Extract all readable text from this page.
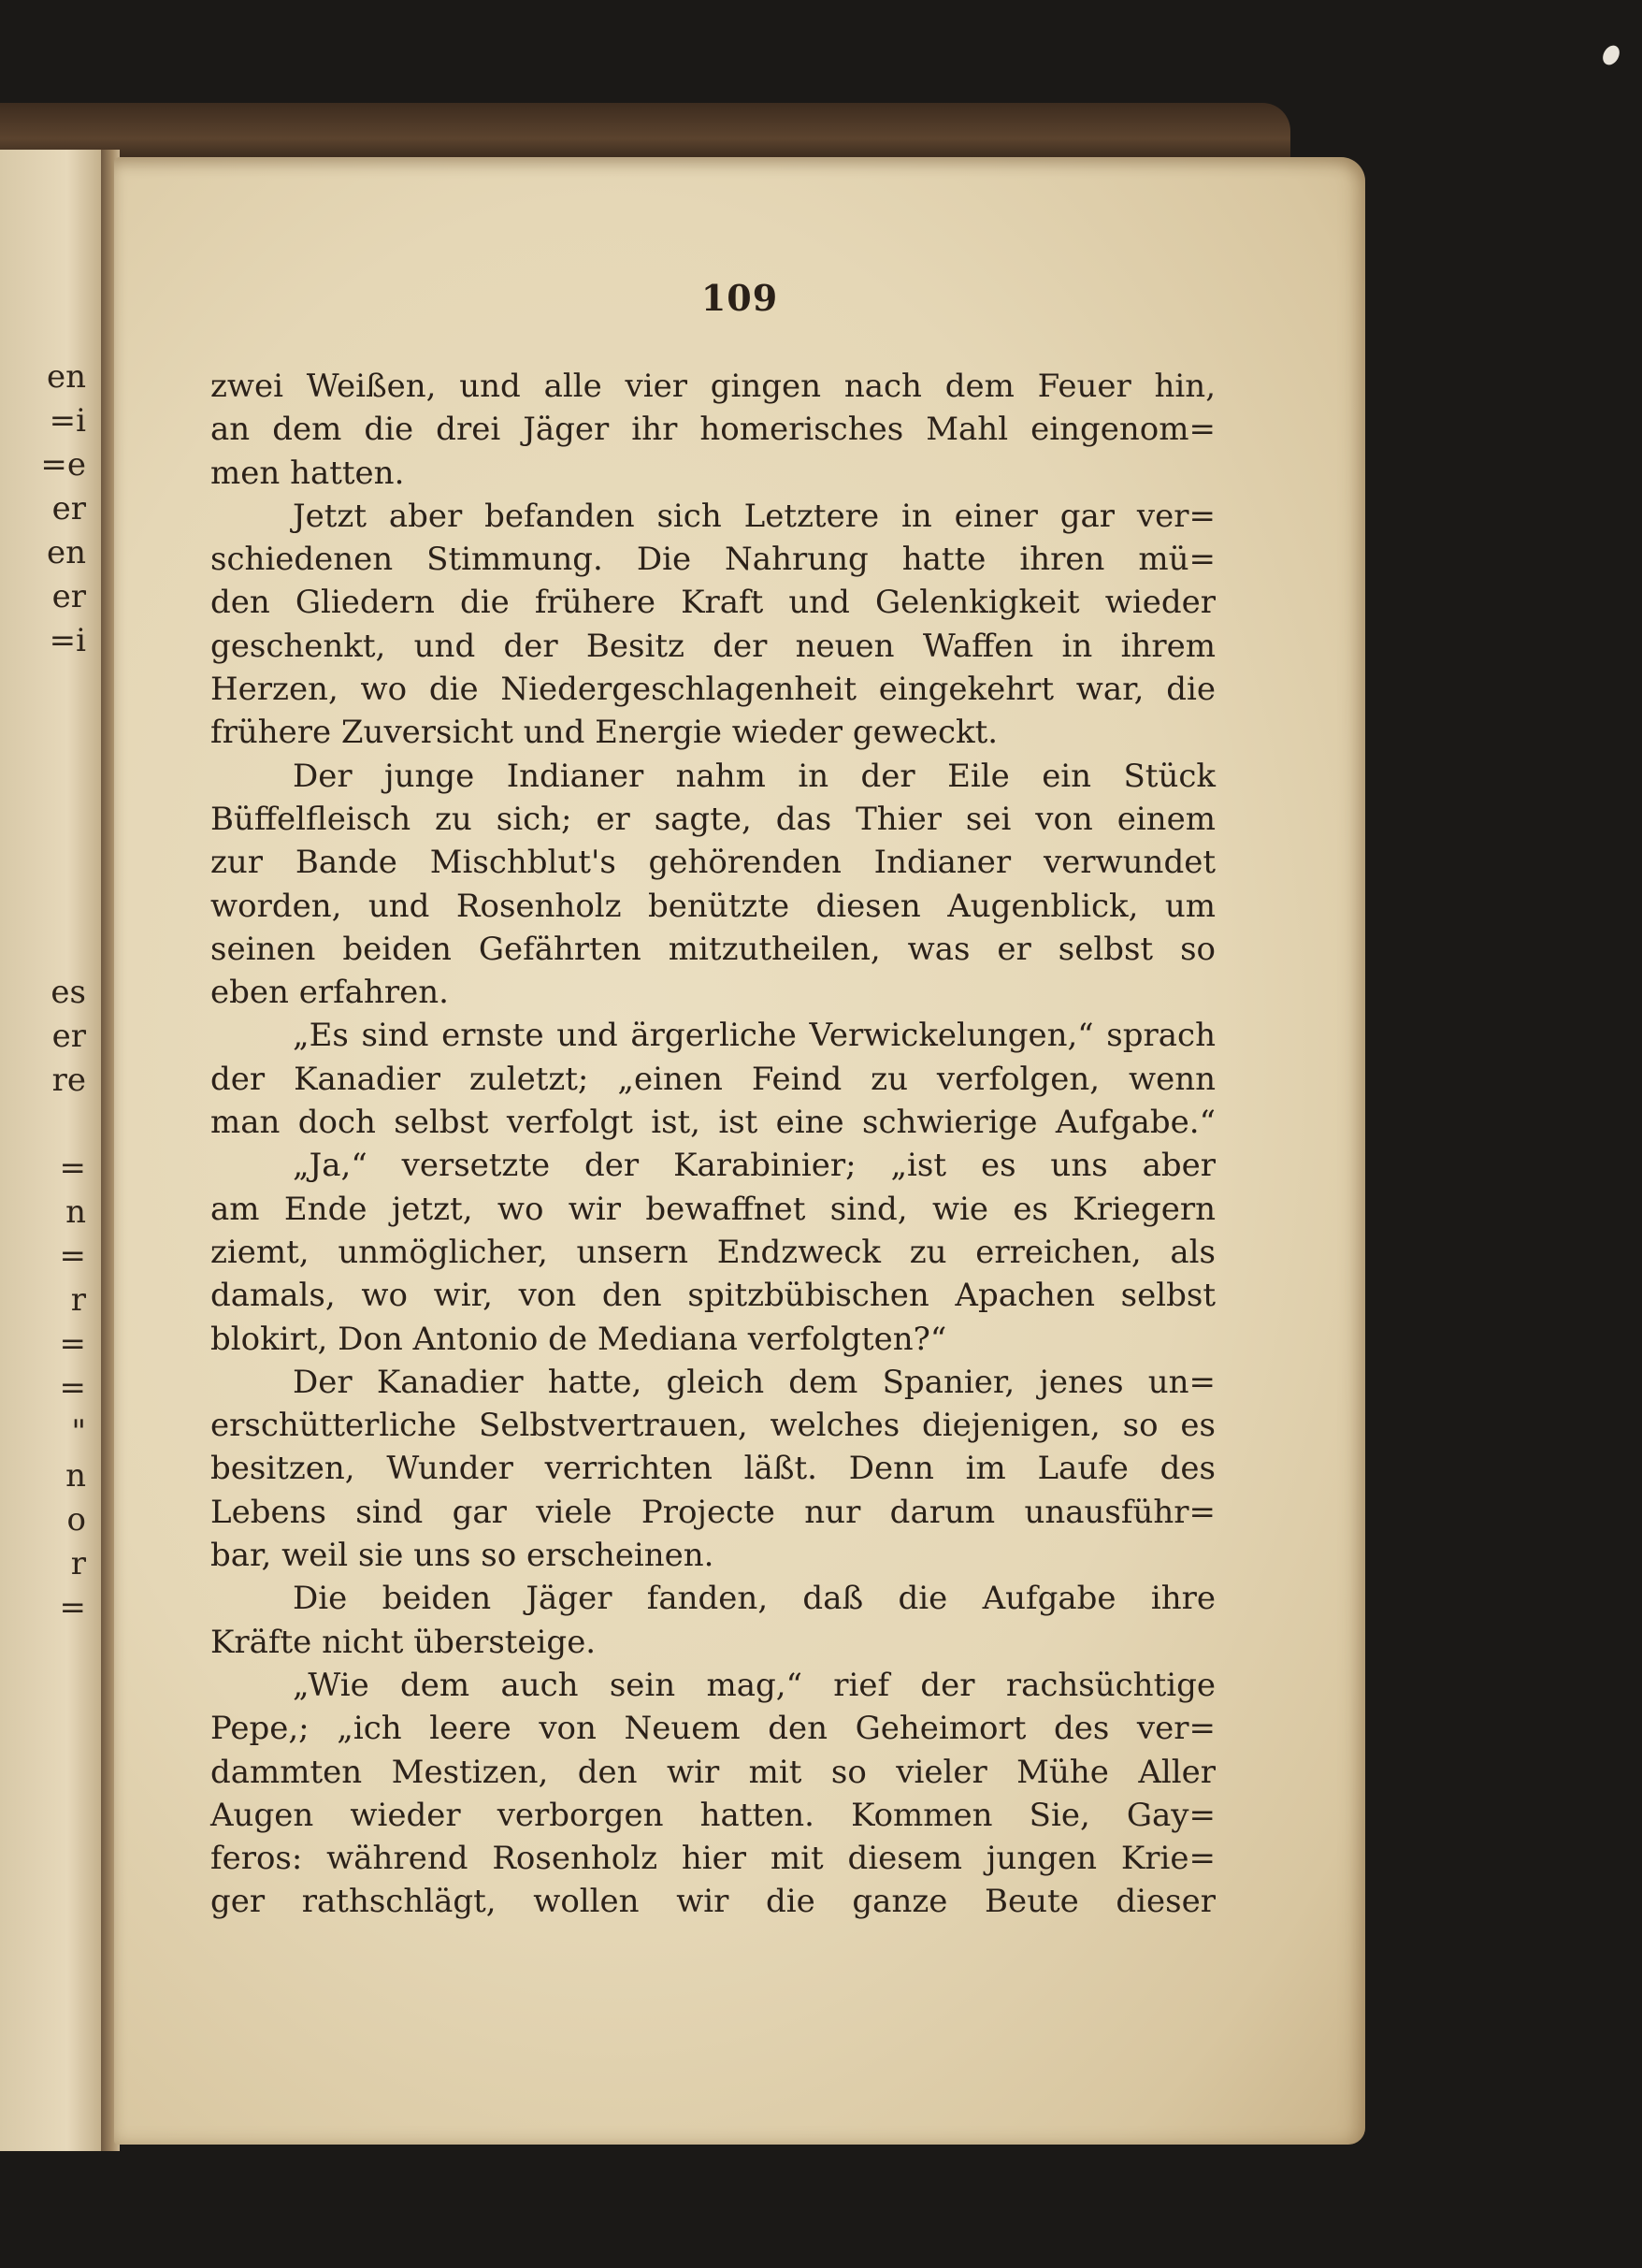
109
zwei Weißen, und alle vier gingen nach dem Feuer hin,
an dem die drei Jäger ihr homerisches Mahl eingenom=
men hatten.
Jetzt aber befanden sich Letztere in einer gar ver=
schiedenen Stimmung. Die Nahrung hatte ihren mü=
den Gliedern die frühere Kraft und Gelenkigkeit wieder
geschenkt, und der Besitz der neuen Waffen in ihrem
Herzen, wo die Niedergeschlagenheit eingekehrt war, die
frühere Zuversicht und Energie wieder geweckt.
Der junge Indianer nahm in der Eile ein Stück
Büffelfleisch zu sich; er sagte, das Thier sei von einem
zur Bande Mischblut's gehörenden Indianer verwundet
worden, und Rosenholz benützte diesen Augenblick, um
seinen beiden Gefährten mitzutheilen, was er selbst so
eben erfahren.
„Es sind ernste und ärgerliche Verwickelungen,“ sprach
der Kanadier zuletzt; „einen Feind zu verfolgen, wenn
man doch selbst verfolgt ist, ist eine schwierige Aufgabe.“
„Ja,“ versetzte der Karabinier; „ist es uns aber
am Ende jetzt, wo wir bewaffnet sind, wie es Kriegern
ziemt, unmöglicher, unsern Endzweck zu erreichen, als
damals, wo wir, von den spitzbübischen Apachen selbst
blokirt, Don Antonio de Mediana verfolgten?“
Der Kanadier hatte, gleich dem Spanier, jenes un=
erschütterliche Selbstvertrauen, welches diejenigen, so es
besitzen, Wunder verrichten läßt. Denn im Laufe des
Lebens sind gar viele Projecte nur darum unausführ=
bar, weil sie uns so erscheinen.
Die beiden Jäger fanden, daß die Aufgabe ihre
Kräfte nicht übersteige.
„Wie dem auch sein mag,“ rief der rachsüchtige
Pepe,; „ich leere von Neuem den Geheimort des ver=
dammten Mestizen, den wir mit so vieler Mühe Aller
Augen wieder verborgen hatten. Kommen Sie, Gay=
feros: während Rosenholz hier mit diesem jungen Krie=
ger rathschlägt, wollen wir die ganze Beute dieser
